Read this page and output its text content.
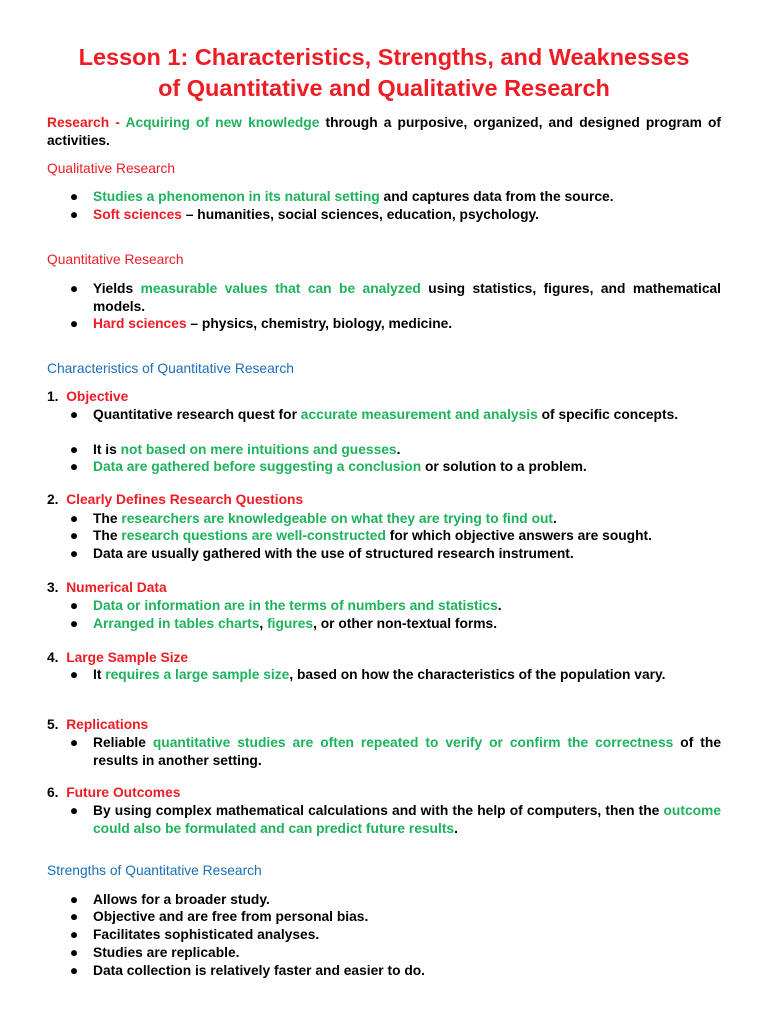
Lesson 1: Characteristics, Strengths, and Weaknesses
of Quantitative and Qualitative Research
Research - Acquiring of new knowledge through a purposive, organized, and designed program of activities.
Qualitative Research
● Studies a phenomenon in its natural setting and captures data from the source.
● Soft sciences – humanities, social sciences, education, psychology.
Quantitative Research
● Yields measurable values that can be analyzed using statistics, figures, and mathematical models.
● Hard sciences – physics, chemistry, biology, medicine.
Characteristics of Quantitative Research
1. Objective
● Quantitative research quest for accurate measurement and analysis of specific concepts.
● It is not based on mere intuitions and guesses.
● Data are gathered before suggesting a conclusion or solution to a problem.
2. Clearly Defines Research Questions
● The researchers are knowledgeable on what they are trying to find out.
● The research questions are well-constructed for which objective answers are sought.
● Data are usually gathered with the use of structured research instrument.
3. Numerical Data
● Data or information are in the terms of numbers and statistics.
● Arranged in tables charts, figures, or other non-textual forms.
4. Large Sample Size
● It requires a large sample size, based on how the characteristics of the population vary.
5. Replications
● Reliable quantitative studies are often repeated to verify or confirm the correctness of the results in another setting.
6. Future Outcomes
● By using complex mathematical calculations and with the help of computers, then the outcome could also be formulated and can predict future results.
Strengths of Quantitative Research
● Allows for a broader study.
● Objective and are free from personal bias.
● Facilitates sophisticated analyses.
● Studies are replicable.
● Data collection is relatively faster and easier to do.
